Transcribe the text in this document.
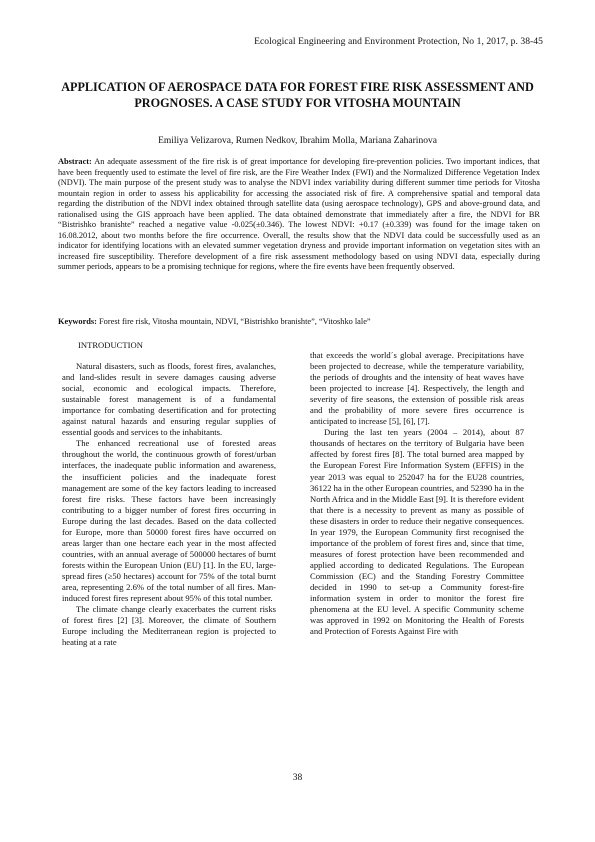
Ecological Engineering and Environment Protection, No 1, 2017, p. 38-45
APPLICATION OF AEROSPACE DATA FOR FOREST FIRE RISK ASSESSMENT AND PROGNOSES. A CASE STUDY FOR VITOSHA MOUNTAIN
Emiliya Velizarova, Rumen Nedkov, Ibrahim Molla, Mariana Zaharinova
Abstract: An adequate assessment of the fire risk is of great importance for developing fire-prevention policies. Two important indices, that have been frequently used to estimate the level of fire risk, are the Fire Weather Index (FWI) and the Normalized Difference Vegetation Index (NDVI). The main purpose of the present study was to analyse the NDVI index variability during different summer time periods for Vitosha mountain region in order to assess his applicability for accessing the associated risk of fire. A comprehensive spatial and temporal data regarding the distribution of the NDVI index obtained through satellite data (using aerospace technology), GPS and above-ground data, and rationalised using the GIS approach have been applied. The data obtained demonstrate that immediately after a fire, the NDVI for BR “Bistrishko branishte” reached a negative value -0.025(±0.346). The lowest NDVI: +0.17 (±0.339) was found for the image taken on 16.08.2012, about two months before the fire occurrence. Overall, the results show that the NDVI data could be successfully used as an indicator for identifying locations with an elevated summer vegetation dryness and provide important information on vegetation sites with an increased fire susceptibility. Therefore development of a fire risk assessment methodology based on using NDVI data, especially during summer periods, appears to be a promising technique for regions, where the fire events have been frequently observed.
Keywords: Forest fire risk, Vitosha mountain, NDVI, “Bistrishko branishte”, “Vitoshko lale”
INTRODUCTION

Natural disasters, such as floods, forest fires, avalanches, and land-slides result in severe damages causing adverse social, economic and ecological impacts. Therefore, sustainable forest management is of a fundamental importance for combating desertification and for protecting against natural hazards and ensuring regular supplies of essential goods and services to the inhabitants.

The enhanced recreational use of forested areas throughout the world, the continuous growth of forest/urban interfaces, the inadequate public information and awareness, the insufficient policies and the inadequate forest management are some of the key factors leading to increased forest fire risks. These factors have been increasingly contributing to a bigger number of forest fires occurring in Europe during the last decades. Based on the data collected for Europe, more than 50000 forest fires have occurred on areas larger than one hectare each year in the most affected countries, with an annual average of 500000 hectares of burnt forests within the European Union (EU) [1]. In the EU, large-spread fires (≥50 hectares) account for 75% of the total burnt area, representing 2.6% of the total number of all fires. Man-induced forest fires represent about 95% of this total number.

The climate change clearly exacerbates the current risks of forest fires [2] [3]. Moreover, the climate of Southern Europe including the Mediterranean region is projected to heating at a rate

that exceeds the world´s global average. Precipitations have been projected to decrease, while the temperature variability, the periods of droughts and the intensity of heat waves have been projected to increase [4]. Respectively, the length and severity of fire seasons, the extension of possible risk areas and the probability of more severe fires occurrence is anticipated to increase [5], [6], [7].

During the last ten years (2004 – 2014), about 87 thousands of hectares on the territory of Bulgaria have been affected by forest fires [8]. The total burned area mapped by the European Forest Fire Information System (EFFIS) in the year 2013 was equal to 252047 ha for the EU28 countries, 36122 ha in the other European countries, and 52390 ha in the North Africa and in the Middle East [9]. It is therefore evident that there is a necessity to prevent as many as possible of these disasters in order to reduce their negative consequences. In year 1979, the European Community first recognised the importance of the problem of forest fires and, since that time, measures of forest protection have been recommended and applied according to dedicated Regulations. The European Commission (EC) and the Standing Forestry Committee decided in 1990 to set-up a Community forest-fire information system in order to monitor the forest fire phenomena at the EU level. A specific Community scheme was approved in 1992 on Monitoring the Health of Forests and Protection of Forests Against Fire with

38
